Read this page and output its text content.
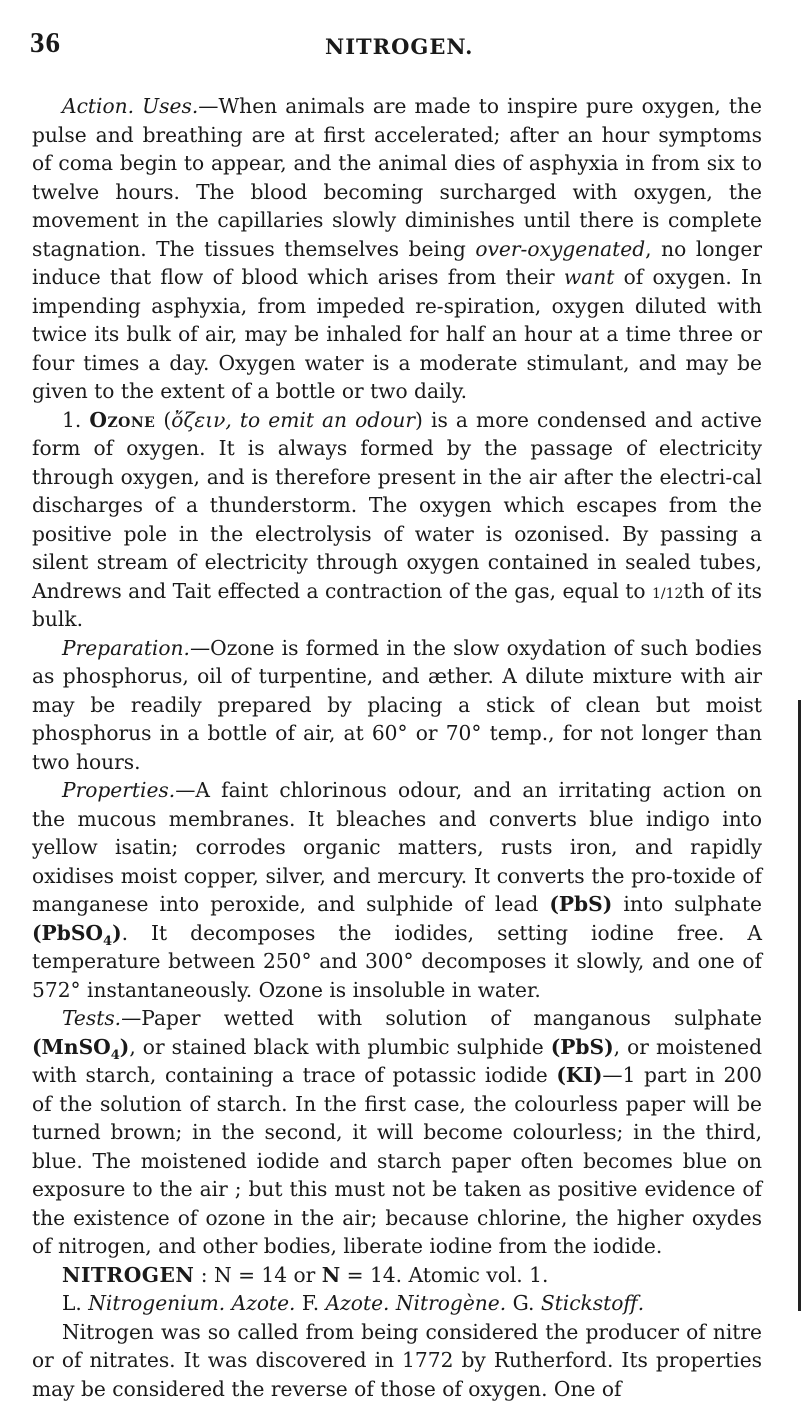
36	NITROGEN.

Action. Uses.—When animals are made to inspire pure oxygen, the pulse and breathing are at first accelerated; after an hour symptoms of coma begin to appear, and the animal dies of asphyxia in from six to twelve hours. The blood becoming surcharged with oxygen, the movement in the capillaries slowly diminishes until there is complete stagnation. The tissues themselves being over-oxygenated, no longer induce that flow of blood which arises from their want of oxygen. In impending asphyxia, from impeded re-spiration, oxygen diluted with twice its bulk of air, may be inhaled for half an hour at a time three or four times a day. Oxygen water is a moderate stimulant, and may be given to the extent of a bottle or two daily.

1. Ozone (ὄζειν, to emit an odour) is a more condensed and active form of oxygen. It is always formed by the passage of electricity through oxygen, and is therefore present in the air after the electri-cal discharges of a thunderstorm. The oxygen which escapes from the positive pole in the electrolysis of water is ozonised. By passing a silent stream of electricity through oxygen contained in sealed tubes, Andrews and Tait effected a contraction of the gas, equal to 1/12th of its bulk.

Preparation.—Ozone is formed in the slow oxydation of such bodies as phosphorus, oil of turpentine, and æther. A dilute mixture with air may be readily prepared by placing a stick of clean but moist phosphorus in a bottle of air, at 60° or 70° temp., for not longer than two hours.

Properties.—A faint chlorinous odour, and an irritating action on the mucous membranes. It bleaches and converts blue indigo into yellow isatin; corrodes organic matters, rusts iron, and rapidly oxidises moist copper, silver, and mercury. It converts the pro-toxide of manganese into peroxide, and sulphide of lead (PbS) into sulphate (PbSO$_4$). It decomposes the iodides, setting iodine free. A temperature between 250° and 300° decomposes it slowly, and one of 572° instantaneously. Ozone is insoluble in water.

Tests.—Paper wetted with solution of manganous sulphate (MnSO$_4$), or stained black with plumbic sulphide (PbS), or moistened with starch, containing a trace of potassic iodide (KI)—1 part in 200 of the solution of starch. In the first case, the colourless paper will be turned brown; in the second, it will become colourless; in the third, blue. The moistened iodide and starch paper often becomes blue on exposure to the air ; but this must not be taken as positive evidence of the existence of ozone in the air; because chlorine, the higher oxydes of nitrogen, and other bodies, liberate iodine from the iodide.

NITROGEN : N = 14 or N = 14. Atomic vol. 1.

L. Nitrogenium. Azote. F. Azote. Nitrogène. G. Stickstoff.

Nitrogen was so called from being considered the producer of nitre or of nitrates. It was discovered in 1772 by Rutherford. Its properties may be considered the reverse of those of oxygen. One of
